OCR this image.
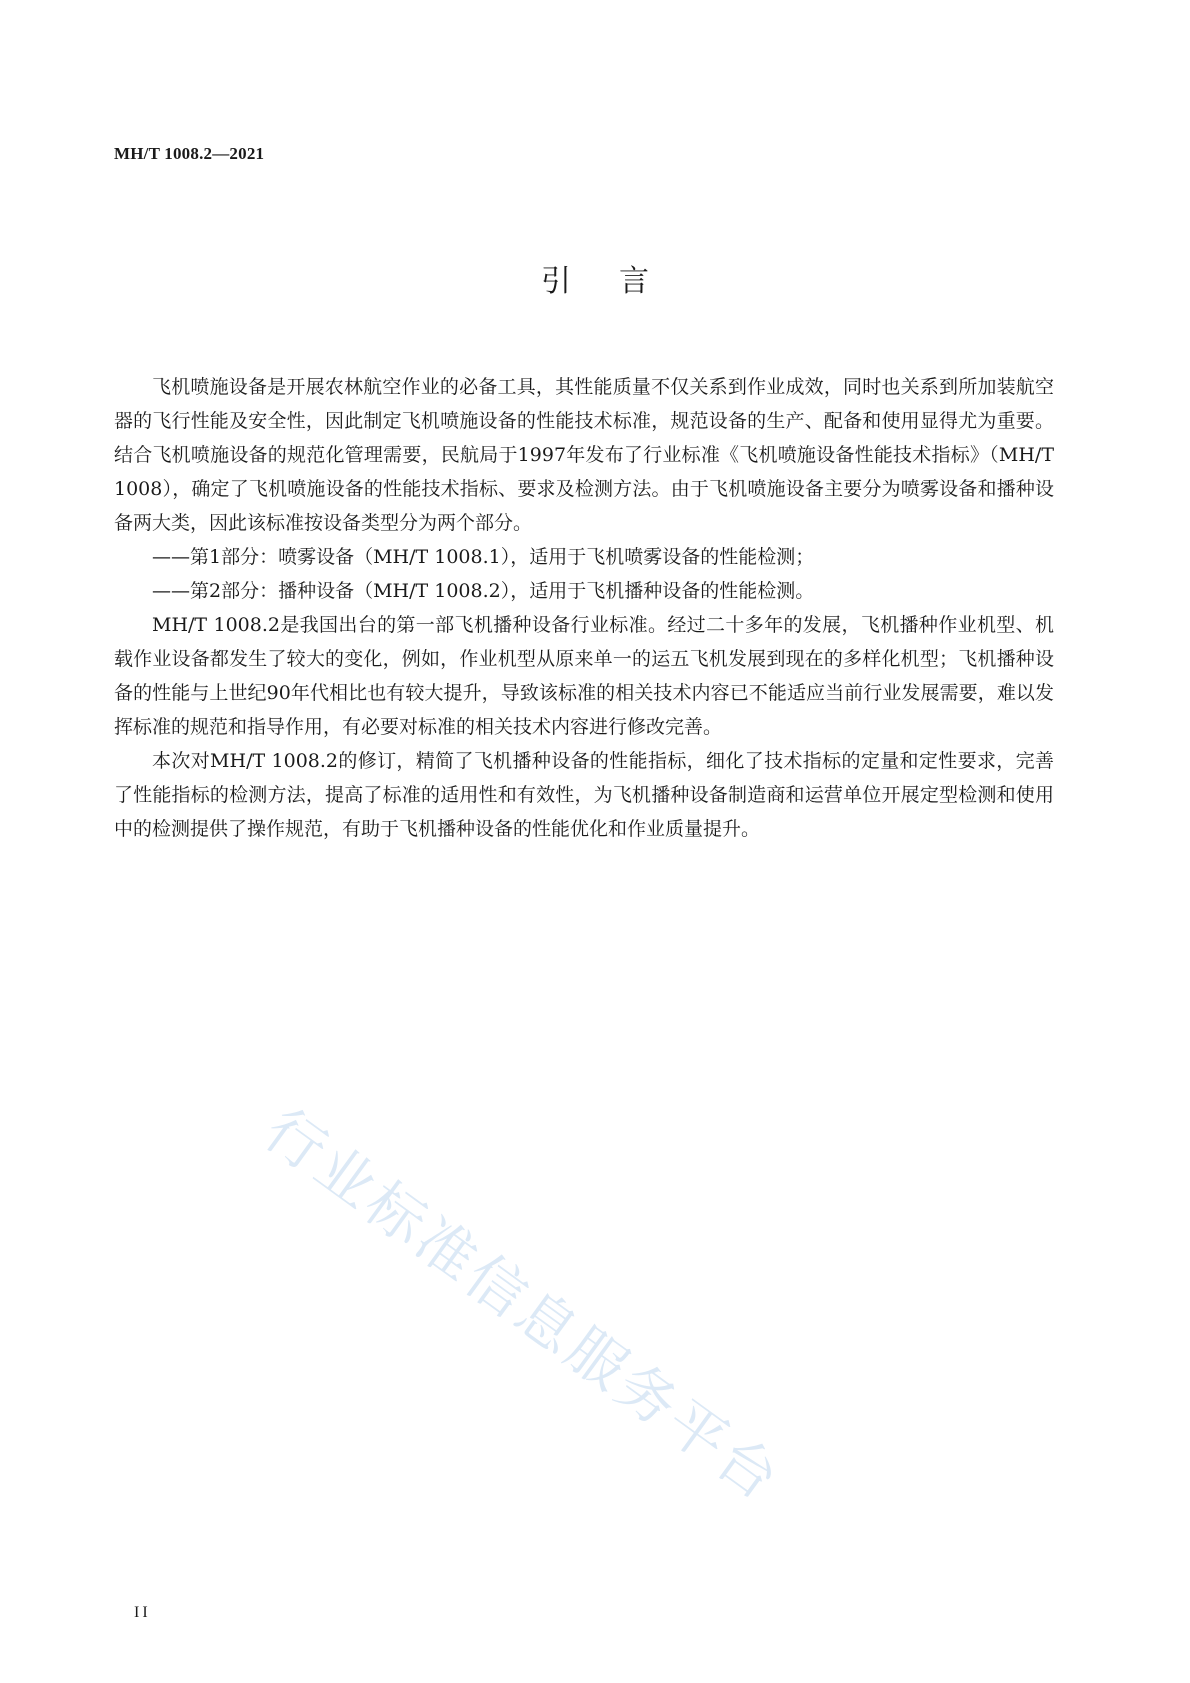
MH/T 1008.2—2021
引言

飞机喷施设备是开展农林航空作业的必备工具，其性能质量不仅关系到作业成效，同时也关系到所加装航空器的飞行性能及安全性，因此制定飞机喷施设备的性能技术标准，规范设备的生产、配备和使用显得尤为重要。结合飞机喷施设备的规范化管理需要，民航局于1997年发布了行业标准《飞机喷施设备性能技术指标》（MH/T 1008），确定了飞机喷施设备的性能技术指标、要求及检测方法。由于飞机喷施设备主要分为喷雾设备和播种设备两大类，因此该标准按设备类型分为两个部分。

——第1部分：喷雾设备（MH/T 1008.1），适用于飞机喷雾设备的性能检测；

——第2部分：播种设备（MH/T 1008.2），适用于飞机播种设备的性能检测。

MH/T 1008.2是我国出台的第一部飞机播种设备行业标准。经过二十多年的发展，飞机播种作业机型、机载作业设备都发生了较大的变化，例如，作业机型从原来单一的运五飞机发展到现在的多样化机型；飞机播种设备的性能与上世纪90年代相比也有较大提升，导致该标准的相关技术内容已不能适应当前行业发展需要，难以发挥标准的规范和指导作用，有必要对标准的相关技术内容进行修改完善。

本次对MH/T 1008.2的修订，精简了飞机播种设备的性能指标，细化了技术指标的定量和定性要求，完善了性能指标的检测方法，提高了标准的适用性和有效性，为飞机播种设备制造商和运营单位开展定型检测和使用中的检测提供了操作规范，有助于飞机播种设备的性能优化和作业质量提升。

行业标准信息服务平台
II
